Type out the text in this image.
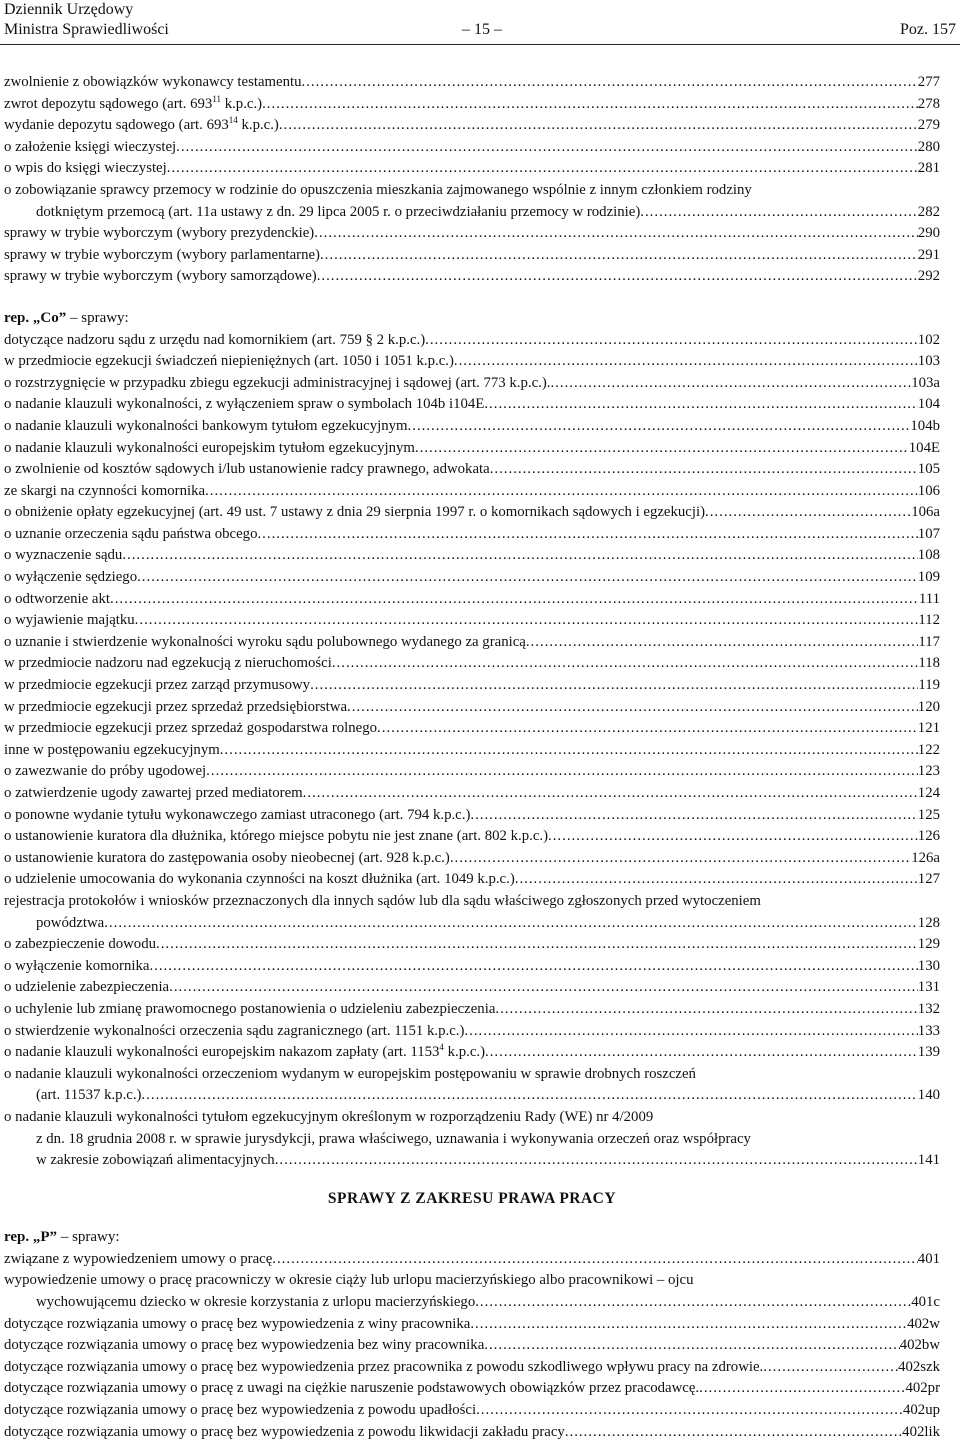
Dziennik Urzędowy
Ministra Sprawiedliwości	– 15 –	Poz. 157
zwolnienie z obowiązków wykonawcy testamentu .....	277
zwrot depozytu sądowego (art. $693^{11}$ k.p.c.) .....	278
wydanie depozytu sądowego (art. $693^{14}$ k.p.c.) .....	279
o założenie księgi wieczystej .....	280
o wpis do księgi wieczystej .....	281
o zobowiązanie sprawcy przemocy w rodzinie do opuszczenia mieszkania zajmowanego wspólnie z innym członkiem rodziny
dotkniętym przemocą (art. 11a ustawy z dn. 29 lipca 2005 r. o przeciwdziałaniu przemocy w rodzinie) .....	282
sprawy w trybie wyborczym (wybory prezydenckie) .....	290
sprawy w trybie wyborczym (wybory parlamentarne) .....	291
sprawy w trybie wyborczym (wybory samorządowe) .....	292
rep. „Co” – sprawy:
dotyczące nadzoru sądu z urzędu nad komornikiem (art. 759 § 2 k.p.c.) .....	102
w przedmiocie egzekucji świadczeń niepieniężnych (art. 1050 i 1051 k.p.c.) .....	103
o rozstrzygnięcie w przypadku zbiegu egzekucji administracyjnej i sądowej (art. 773 k.p.c.). .....	103a
o nadanie klauzuli wykonalności, z wyłączeniem spraw o symbolach 104b i104E .....	104
o nadanie klauzuli wykonalności bankowym tytułom egzekucyjnym .....	104b
o nadanie klauzuli wykonalności europejskim tytułom egzekucyjnym .....	104E
o zwolnienie od kosztów sądowych i/lub ustanowienie radcy prawnego, adwokata .....	105
ze skargi na czynności komornika .....	106
o obniżenie opłaty egzekucyjnej (art. 49 ust. 7 ustawy z dnia 29 sierpnia 1997 r. o komornikach sądowych i egzekucji) .....	106a
o uznanie orzeczenia sądu państwa obcego .....	107
o wyznaczenie sądu .....	108
o wyłączenie sędziego .....	109
o odtworzenie akt .....	111
o wyjawienie majątku .....	112
o uznanie i stwierdzenie wykonalności wyroku sądu polubownego wydanego za granicą .....	117
w przedmiocie nadzoru nad egzekucją z nieruchomości .....	118
w przedmiocie egzekucji przez zarząd przymusowy .....	119
w przedmiocie egzekucji przez sprzedaż przedsiębiorstwa .....	120
w przedmiocie egzekucji przez sprzedaż gospodarstwa rolnego .....	121
inne w postępowaniu egzekucyjnym .....	122
o zawezwanie do próby ugodowej .....	123
o zatwierdzenie ugody zawartej przed mediatorem .....	124
o ponowne wydanie tytułu wykonawczego zamiast utraconego (art. 794 k.p.c.) .....	125
o ustanowienie kuratora dla dłużnika, którego miejsce pobytu nie jest znane (art. 802 k.p.c.) .....	126
o ustanowienie kuratora do zastępowania osoby nieobecnej (art. 928 k.p.c.) .....	126a
o udzielenie umocowania do wykonania czynności na koszt dłużnika (art. 1049 k.p.c.) .....	127
rejestracja protokołów i wniosków przeznaczonych dla innych sądów lub dla sądu właściwego zgłoszonych przed wytoczeniem
powództwa .....	128
o zabezpieczenie dowodu .....	129
o wyłączenie komornika .....	130
o udzielenie zabezpieczenia .....	131
o uchylenie lub zmianę prawomocnego postanowienia o udzieleniu zabezpieczenia .....	132
o stwierdzenie wykonalności orzeczenia sądu zagranicznego (art. 1151 k.p.c.) .....	133
o nadanie klauzuli wykonalności europejskim nakazom zapłaty (art. 1153$^4$ k.p.c.) .....	139
o nadanie klauzuli wykonalności orzeczeniom wydanym w europejskim postępowaniu w sprawie drobnych roszczeń
(art. 11537 k.p.c.) .....	140
o nadanie klauzuli wykonalności tytułom egzekucyjnym określonym w rozporządzeniu Rady (WE) nr 4/2009
z dn. 18 grudnia 2008 r. w sprawie jurysdykcji, prawa właściwego, uznawania i wykonywania orzeczeń oraz współpracy
w zakresie zobowiązań alimentacyjnych .....	141
SPRAWY Z ZAKRESU PRAWA PRACY
rep. „P” – sprawy:
związane z wypowiedzeniem umowy o pracę .....	401
wypowiedzenie umowy o pracę pracowniczy w okresie ciąży lub urlopu macierzyńskiego albo pracownikowi – ojcu
wychowującemu dziecko w okresie korzystania z urlopu macierzyńskiego .....	401c
dotyczące rozwiązania umowy o pracę bez wypowiedzenia z winy pracownika .....	402w
dotyczące rozwiązania umowy o pracę bez wypowiedzenia bez winy pracownika .....	402bw
dotyczące rozwiązania umowy o pracę bez wypowiedzenia przez pracownika z powodu szkodliwego wpływu pracy na zdrowie. .....	402szk
dotyczące rozwiązania umowy o pracę z uwagi na ciężkie naruszenie podstawowych obowiązków przez pracodawcę. .....	402pr
dotyczące rozwiązania umowy o pracę bez wypowiedzenia z powodu upadłości .....	402up
dotyczące rozwiązania umowy o pracę bez wypowiedzenia z powodu likwidacji zakładu pracy .....	402lik
